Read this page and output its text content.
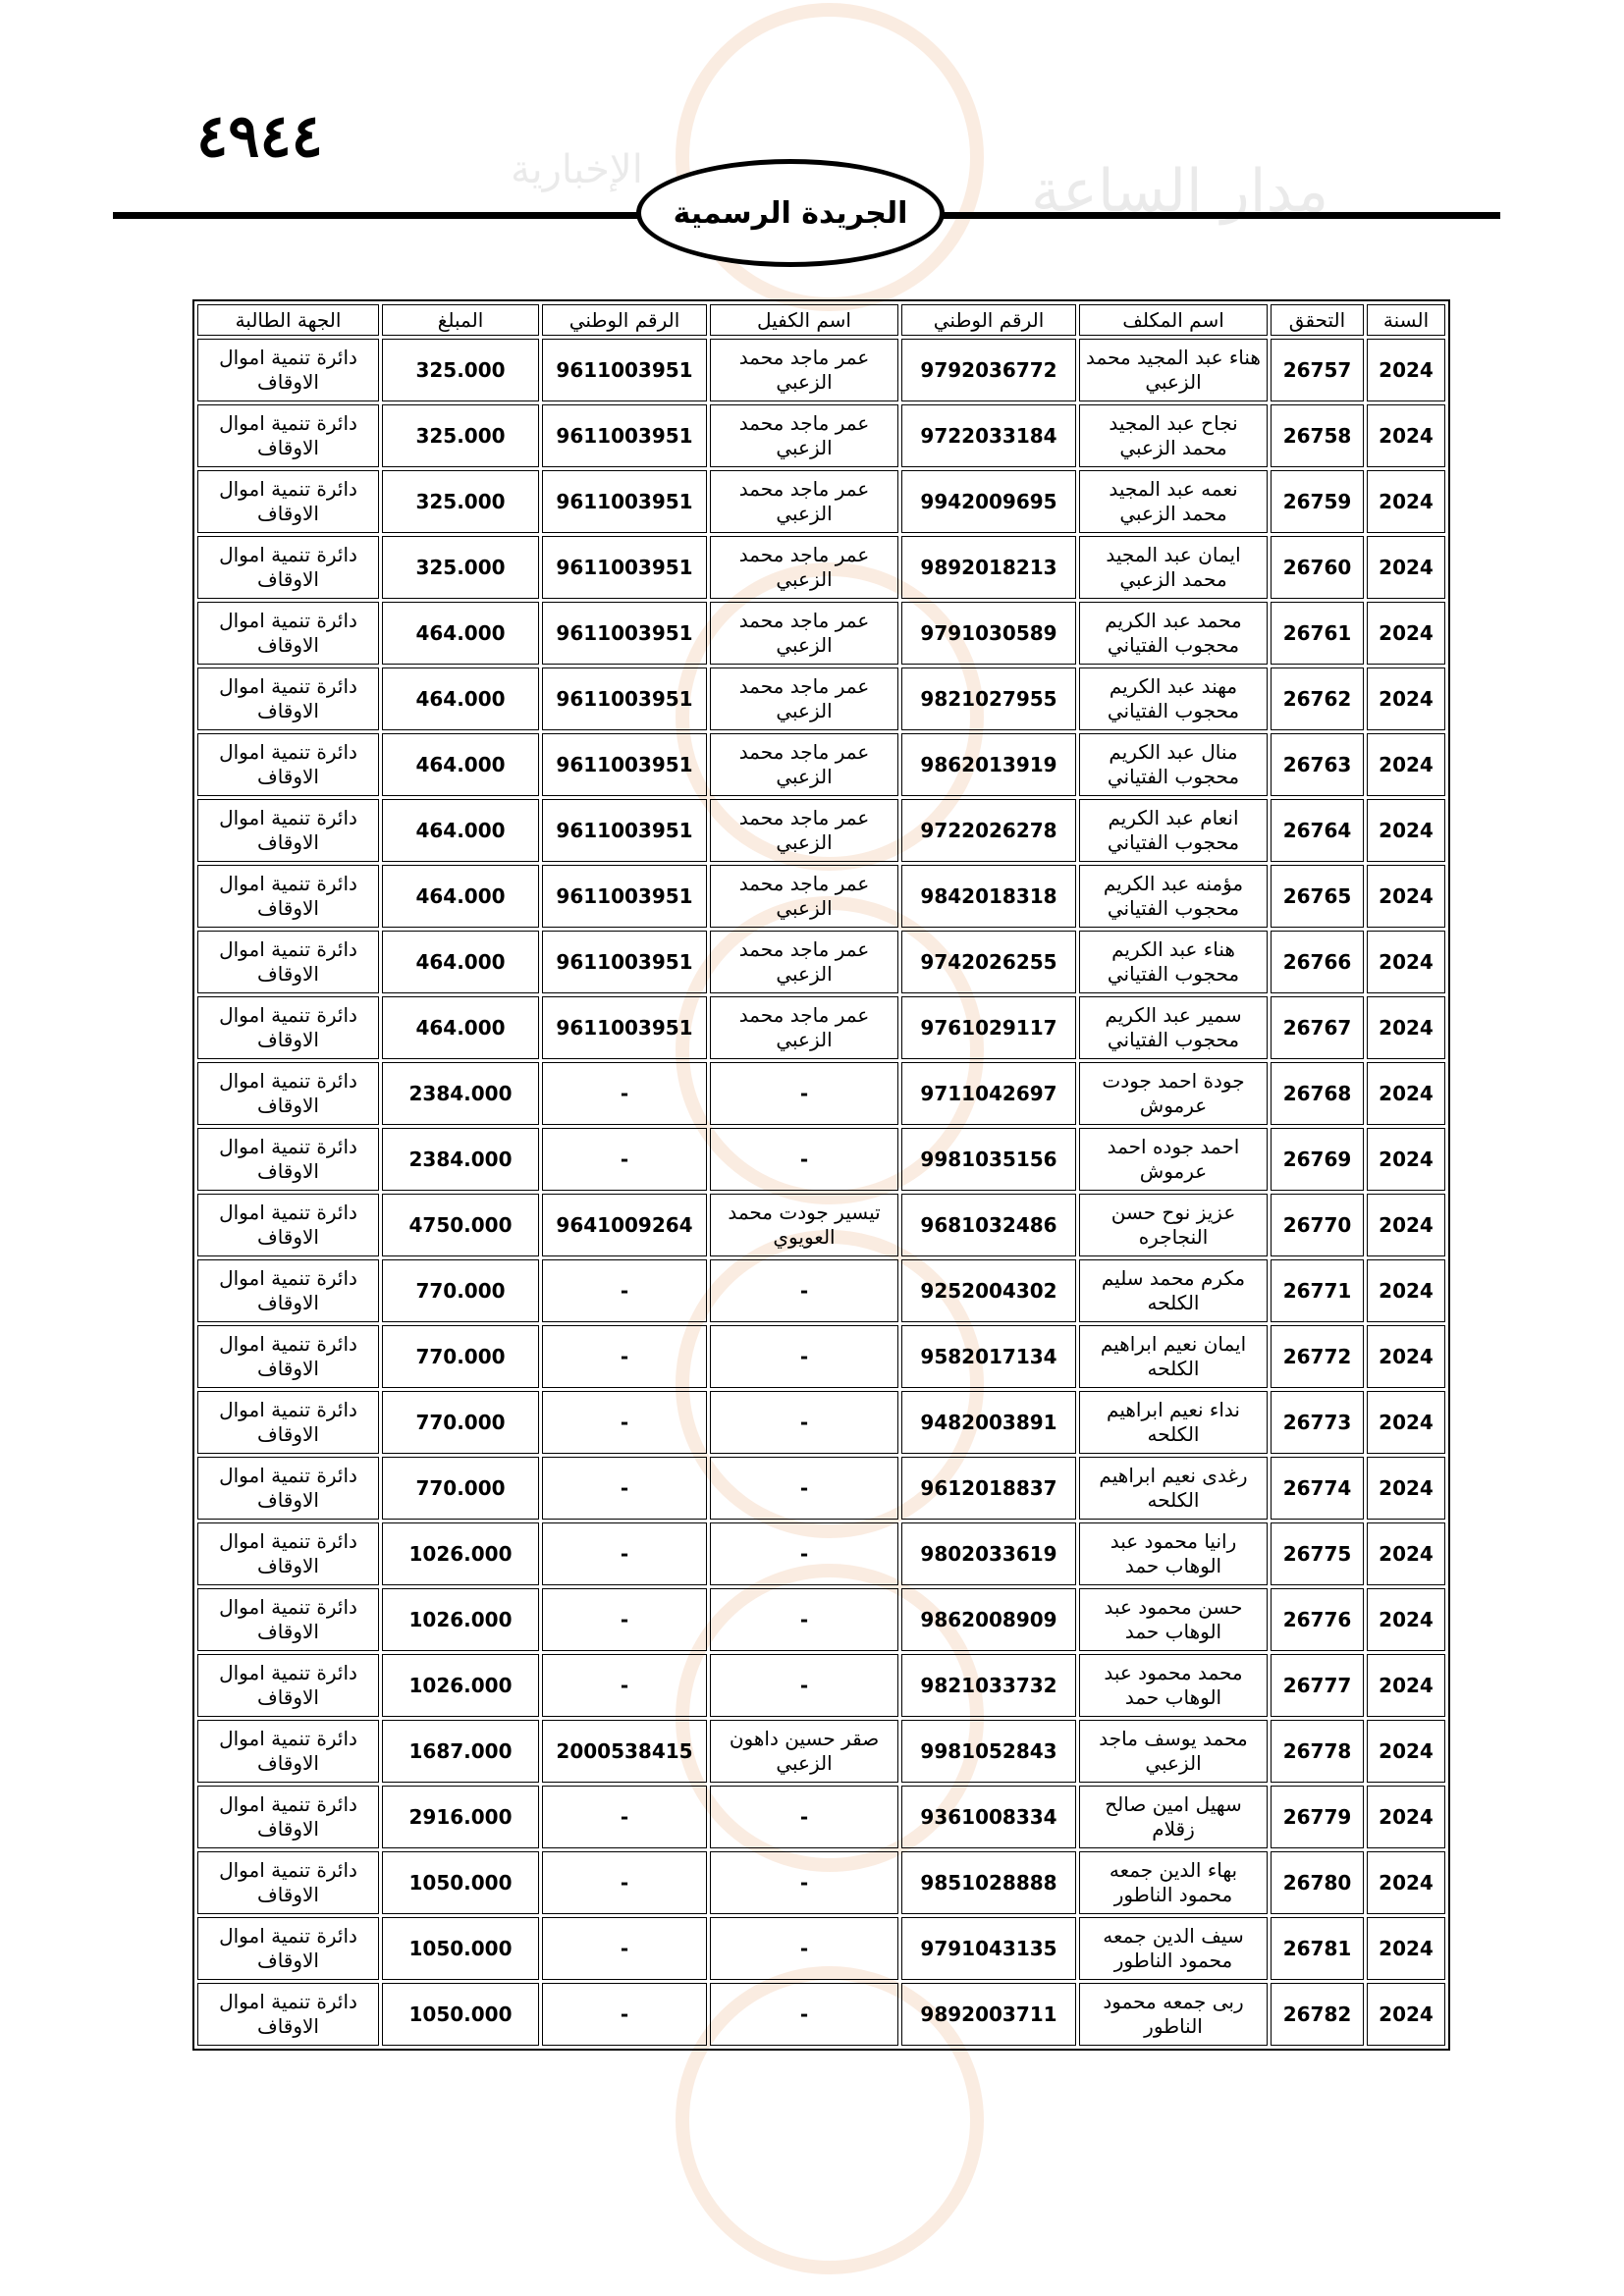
الإخبارية	مدار الساعة
٤٩٤٤
الجريدة الرسمية
السنة	التحقق	اسم المكلف	الرقم الوطني	اسم الكفيل	الرقم الوطني	المبلغ	الجهة الطالبة
2024	26757	هناء عبد المجيد محمد الزعبي	9792036772	عمر ماجد محمد الزعبي	9611003951	325.000	دائرة تنمية اموال الاوقاف
2024	26758	نجاح عبد المجيد محمد الزعبي	9722033184	عمر ماجد محمد الزعبي	9611003951	325.000	دائرة تنمية اموال الاوقاف
2024	26759	نعمه عبد المجيد محمد الزعبي	9942009695	عمر ماجد محمد الزعبي	9611003951	325.000	دائرة تنمية اموال الاوقاف
2024	26760	ايمان عبد المجيد محمد الزعبي	9892018213	عمر ماجد محمد الزعبي	9611003951	325.000	دائرة تنمية اموال الاوقاف
2024	26761	محمد عبد الكريم محجوب الفتياني	9791030589	عمر ماجد محمد الزعبي	9611003951	464.000	دائرة تنمية اموال الاوقاف
2024	26762	مهند عبد الكريم محجوب الفتياني	9821027955	عمر ماجد محمد الزعبي	9611003951	464.000	دائرة تنمية اموال الاوقاف
2024	26763	منال عبد الكريم محجوب الفتياني	9862013919	عمر ماجد محمد الزعبي	9611003951	464.000	دائرة تنمية اموال الاوقاف
2024	26764	انعام عبد الكريم محجوب الفتياني	9722026278	عمر ماجد محمد الزعبي	9611003951	464.000	دائرة تنمية اموال الاوقاف
2024	26765	مؤمنه عبد الكريم محجوب الفتياني	9842018318	عمر ماجد محمد الزعبي	9611003951	464.000	دائرة تنمية اموال الاوقاف
2024	26766	هناء عبد الكريم محجوب الفتياني	9742026255	عمر ماجد محمد الزعبي	9611003951	464.000	دائرة تنمية اموال الاوقاف
2024	26767	سمير عبد الكريم محجوب الفتياني	9761029117	عمر ماجد محمد الزعبي	9611003951	464.000	دائرة تنمية اموال الاوقاف
2024	26768	جودة احمد جودت عرموش	9711042697	-	-	2384.000	دائرة تنمية اموال الاوقاف
2024	26769	احمد جوده احمد عرموش	9981035156	-	-	2384.000	دائرة تنمية اموال الاوقاف
2024	26770	عزيز نوح حسن النجاجره	9681032486	تيسير جودت محمد العويوي	9641009264	4750.000	دائرة تنمية اموال الاوقاف
2024	26771	مكرم محمد سليم الكلحه	9252004302	-	-	770.000	دائرة تنمية اموال الاوقاف
2024	26772	ايمان نعيم ابراهيم الكلحه	9582017134	-	-	770.000	دائرة تنمية اموال الاوقاف
2024	26773	نداء نعيم ابراهيم الكلحه	9482003891	-	-	770.000	دائرة تنمية اموال الاوقاف
2024	26774	رغدى نعيم ابراهيم الكلحه	9612018837	-	-	770.000	دائرة تنمية اموال الاوقاف
2024	26775	رانيا محمود عبد الوهاب حمد	9802033619	-	-	1026.000	دائرة تنمية اموال الاوقاف
2024	26776	حسن محمود عبد الوهاب حمد	9862008909	-	-	1026.000	دائرة تنمية اموال الاوقاف
2024	26777	محمد محمود عبد الوهاب حمد	9821033732	-	-	1026.000	دائرة تنمية اموال الاوقاف
2024	26778	محمد يوسف ماجد الزعبي	9981052843	صقر حسين داهون الزعبي	2000538415	1687.000	دائرة تنمية اموال الاوقاف
2024	26779	سهيل امين صالح زقلام	9361008334	-	-	2916.000	دائرة تنمية اموال الاوقاف
2024	26780	بهاء الدين جمعه محمود الناطور	9851028888	-	-	1050.000	دائرة تنمية اموال الاوقاف
2024	26781	سيف الدين جمعه محمود الناطور	9791043135	-	-	1050.000	دائرة تنمية اموال الاوقاف
2024	26782	ربى جمعه محمود الناطور	9892003711	-	-	1050.000	دائرة تنمية اموال الاوقاف
